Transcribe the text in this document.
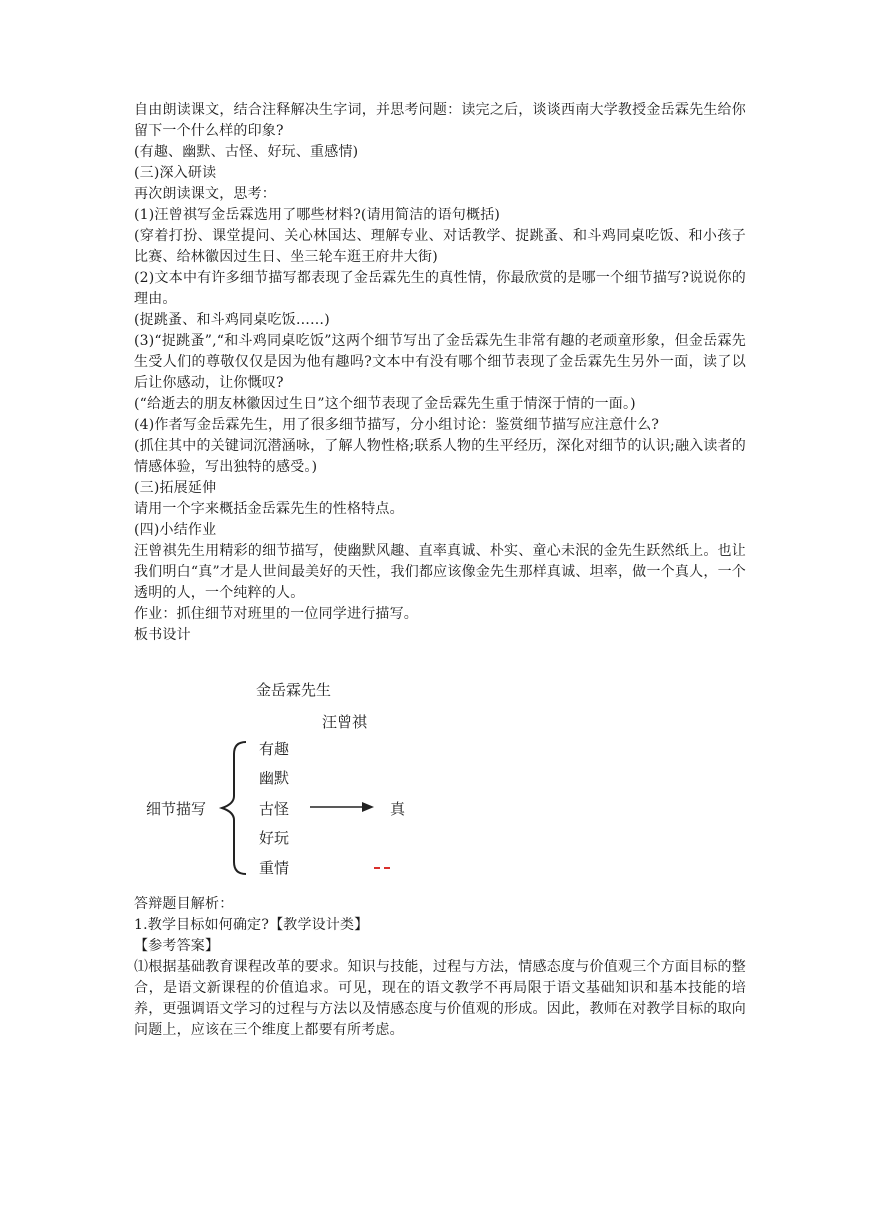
自由朗读课文，结合注释解决生字词，并思考问题：读完之后，谈谈西南大学教授金岳霖先生给你留下一个什么样的印象?

(有趣、幽默、古怪、好玩、重感情)

(三)深入研读

再次朗读课文，思考：

(1)汪曾祺写金岳霖选用了哪些材料?(请用简洁的语句概括)

(穿着打扮、课堂提问、关心林国达、理解专业、对话教学、捉跳蚤、和斗鸡同桌吃饭、和小孩子比赛、给林徽因过生日、坐三轮车逛王府井大街)

(2)文本中有许多细节描写都表现了金岳霖先生的真性情，你最欣赏的是哪一个细节描写?说说你的理由。

(捉跳蚤、和斗鸡同桌吃饭……)

(3)“捉跳蚤”,“和斗鸡同桌吃饭”这两个细节写出了金岳霖先生非常有趣的老顽童形象，但金岳霖先生受人们的尊敬仅仅是因为他有趣吗?文本中有没有哪个细节表现了金岳霖先生另外一面，读了以后让你感动，让你慨叹?

(“给逝去的朋友林徽因过生日”这个细节表现了金岳霖先生重于情深于情的一面。)

(4)作者写金岳霖先生，用了很多细节描写，分小组讨论：鉴赏细节描写应注意什么?

(抓住其中的关键词沉潜涵咏，了解人物性格;联系人物的生平经历，深化对细节的认识;融入读者的情感体验，写出独特的感受。)

(三)拓展延伸

请用一个字来概括金岳霖先生的性格特点。

(四)小结作业

汪曾祺先生用精彩的细节描写，使幽默风趣、直率真诚、朴实、童心未泯的金先生跃然纸上。也让我们明白“真”才是人世间最美好的天性，我们都应该像金先生那样真诚、坦率，做一个真人，一个透明的人，一个纯粹的人。

作业：抓住细节对班里的一位同学进行描写。

板书设计

金岳霖先生
汪曾祺
细节描写
有趣
幽默
古怪
好玩
重情
真

答辩题目解析：

1.教学目标如何确定?【教学设计类】

【参考答案】

⑴根据基础教育课程改革的要求。知识与技能，过程与方法，情感态度与价值观三个方面目标的整合，是语文新课程的价值追求。可见，现在的语文教学不再局限于语文基础知识和基本技能的培养，更强调语文学习的过程与方法以及情感态度与价值观的形成。因此，教师在对教学目标的取向问题上，应该在三个维度上都要有所考虑。
